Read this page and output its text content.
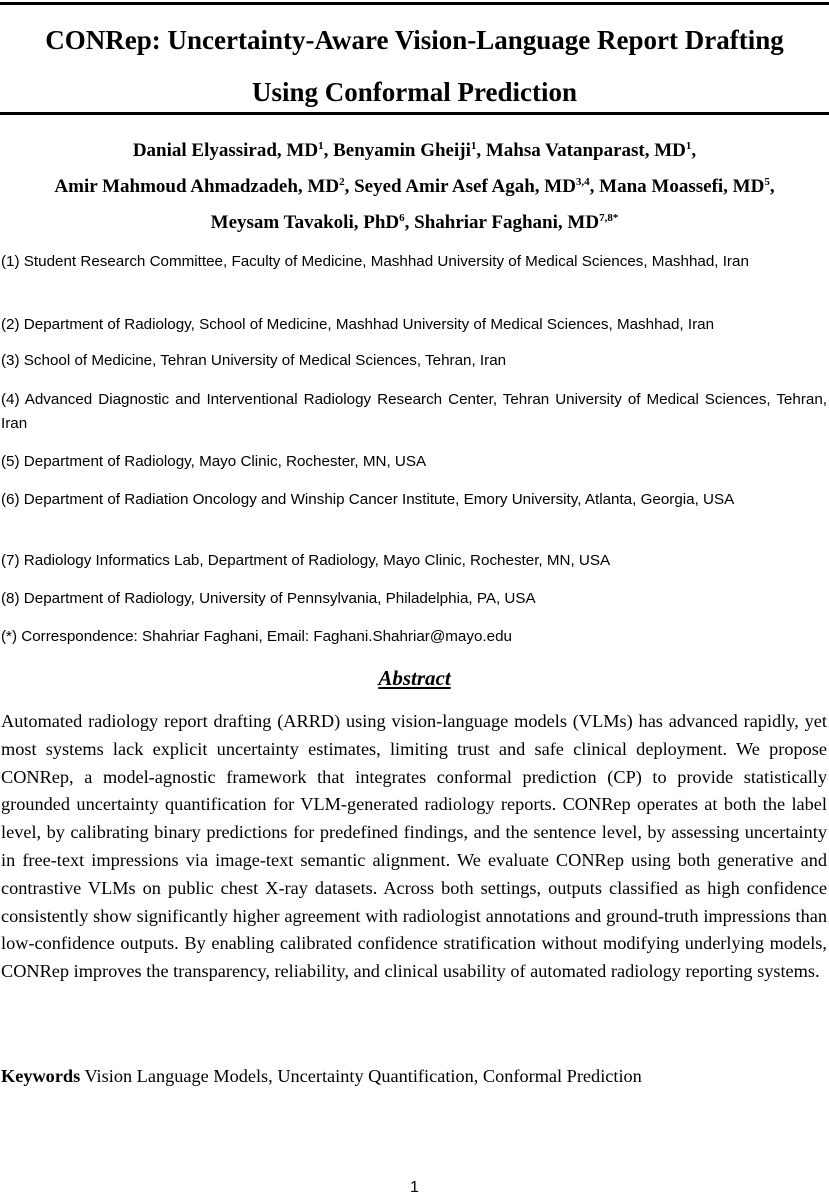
CONRep: Uncertainty-Aware Vision-Language Report Drafting
Using Conformal Prediction
Danial Elyassirad, $MD^1$, Benyamin Gheiji$^1$, Mahsa Vatanparast, $MD^1$,
Amir Mahmoud Ahmadzadeh, $MD^2$, Seyed Amir Asef Agah, MD$^{3,4}$, Mana Moassefi, $MD^5$,
Meysam Tavakoli, PhD$^6$, Shahriar Faghani, $MD^{7,8*}$

(1) Student Research Committee, Faculty of Medicine, Mashhad University of Medical Sciences, Mashhad, Iran

(2) Department of Radiology, School of Medicine, Mashhad University of Medical Sciences, Mashhad, Iran

(3) School of Medicine, Tehran University of Medical Sciences, Tehran, Iran

(4) Advanced Diagnostic and Interventional Radiology Research Center, Tehran University of Medical Sciences, Tehran, Iran

(5) Department of Radiology, Mayo Clinic, Rochester, MN, USA

(6) Department of Radiation Oncology and Winship Cancer Institute, Emory University, Atlanta, Georgia, USA

(7) Radiology Informatics Lab, Department of Radiology, Mayo Clinic, Rochester, MN, USA

(8) Department of Radiology, University of Pennsylvania, Philadelphia, PA, USA

(*) Correspondence: Shahriar Faghani, Email: Faghani.Shahriar@mayo.edu

Abstract

Automated radiology report drafting (ARRD) using vision-language models (VLMs) has advanced rapidly, yet most systems lack explicit uncertainty estimates, limiting trust and safe clinical deployment. We propose CONRep, a model-agnostic framework that integrates conformal prediction (CP) to provide statistically grounded uncertainty quantification for VLM-generated radiology reports. CONRep operates at both the label level, by calibrating binary predictions for predefined findings, and the sentence level, by assessing uncertainty in free-text impressions via image-text semantic alignment. We evaluate CONRep using both generative and contrastive VLMs on public chest X-ray datasets. Across both settings, outputs classified as high confidence consistently show significantly higher agreement with radiologist annotations and ground-truth impressions than low-confidence outputs. By enabling calibrated confidence stratification without modifying underlying models, CONRep improves the transparency, reliability, and clinical usability of automated radiology reporting systems.

Keywords Vision Language Models, Uncertainty Quantification, Conformal Prediction
1
